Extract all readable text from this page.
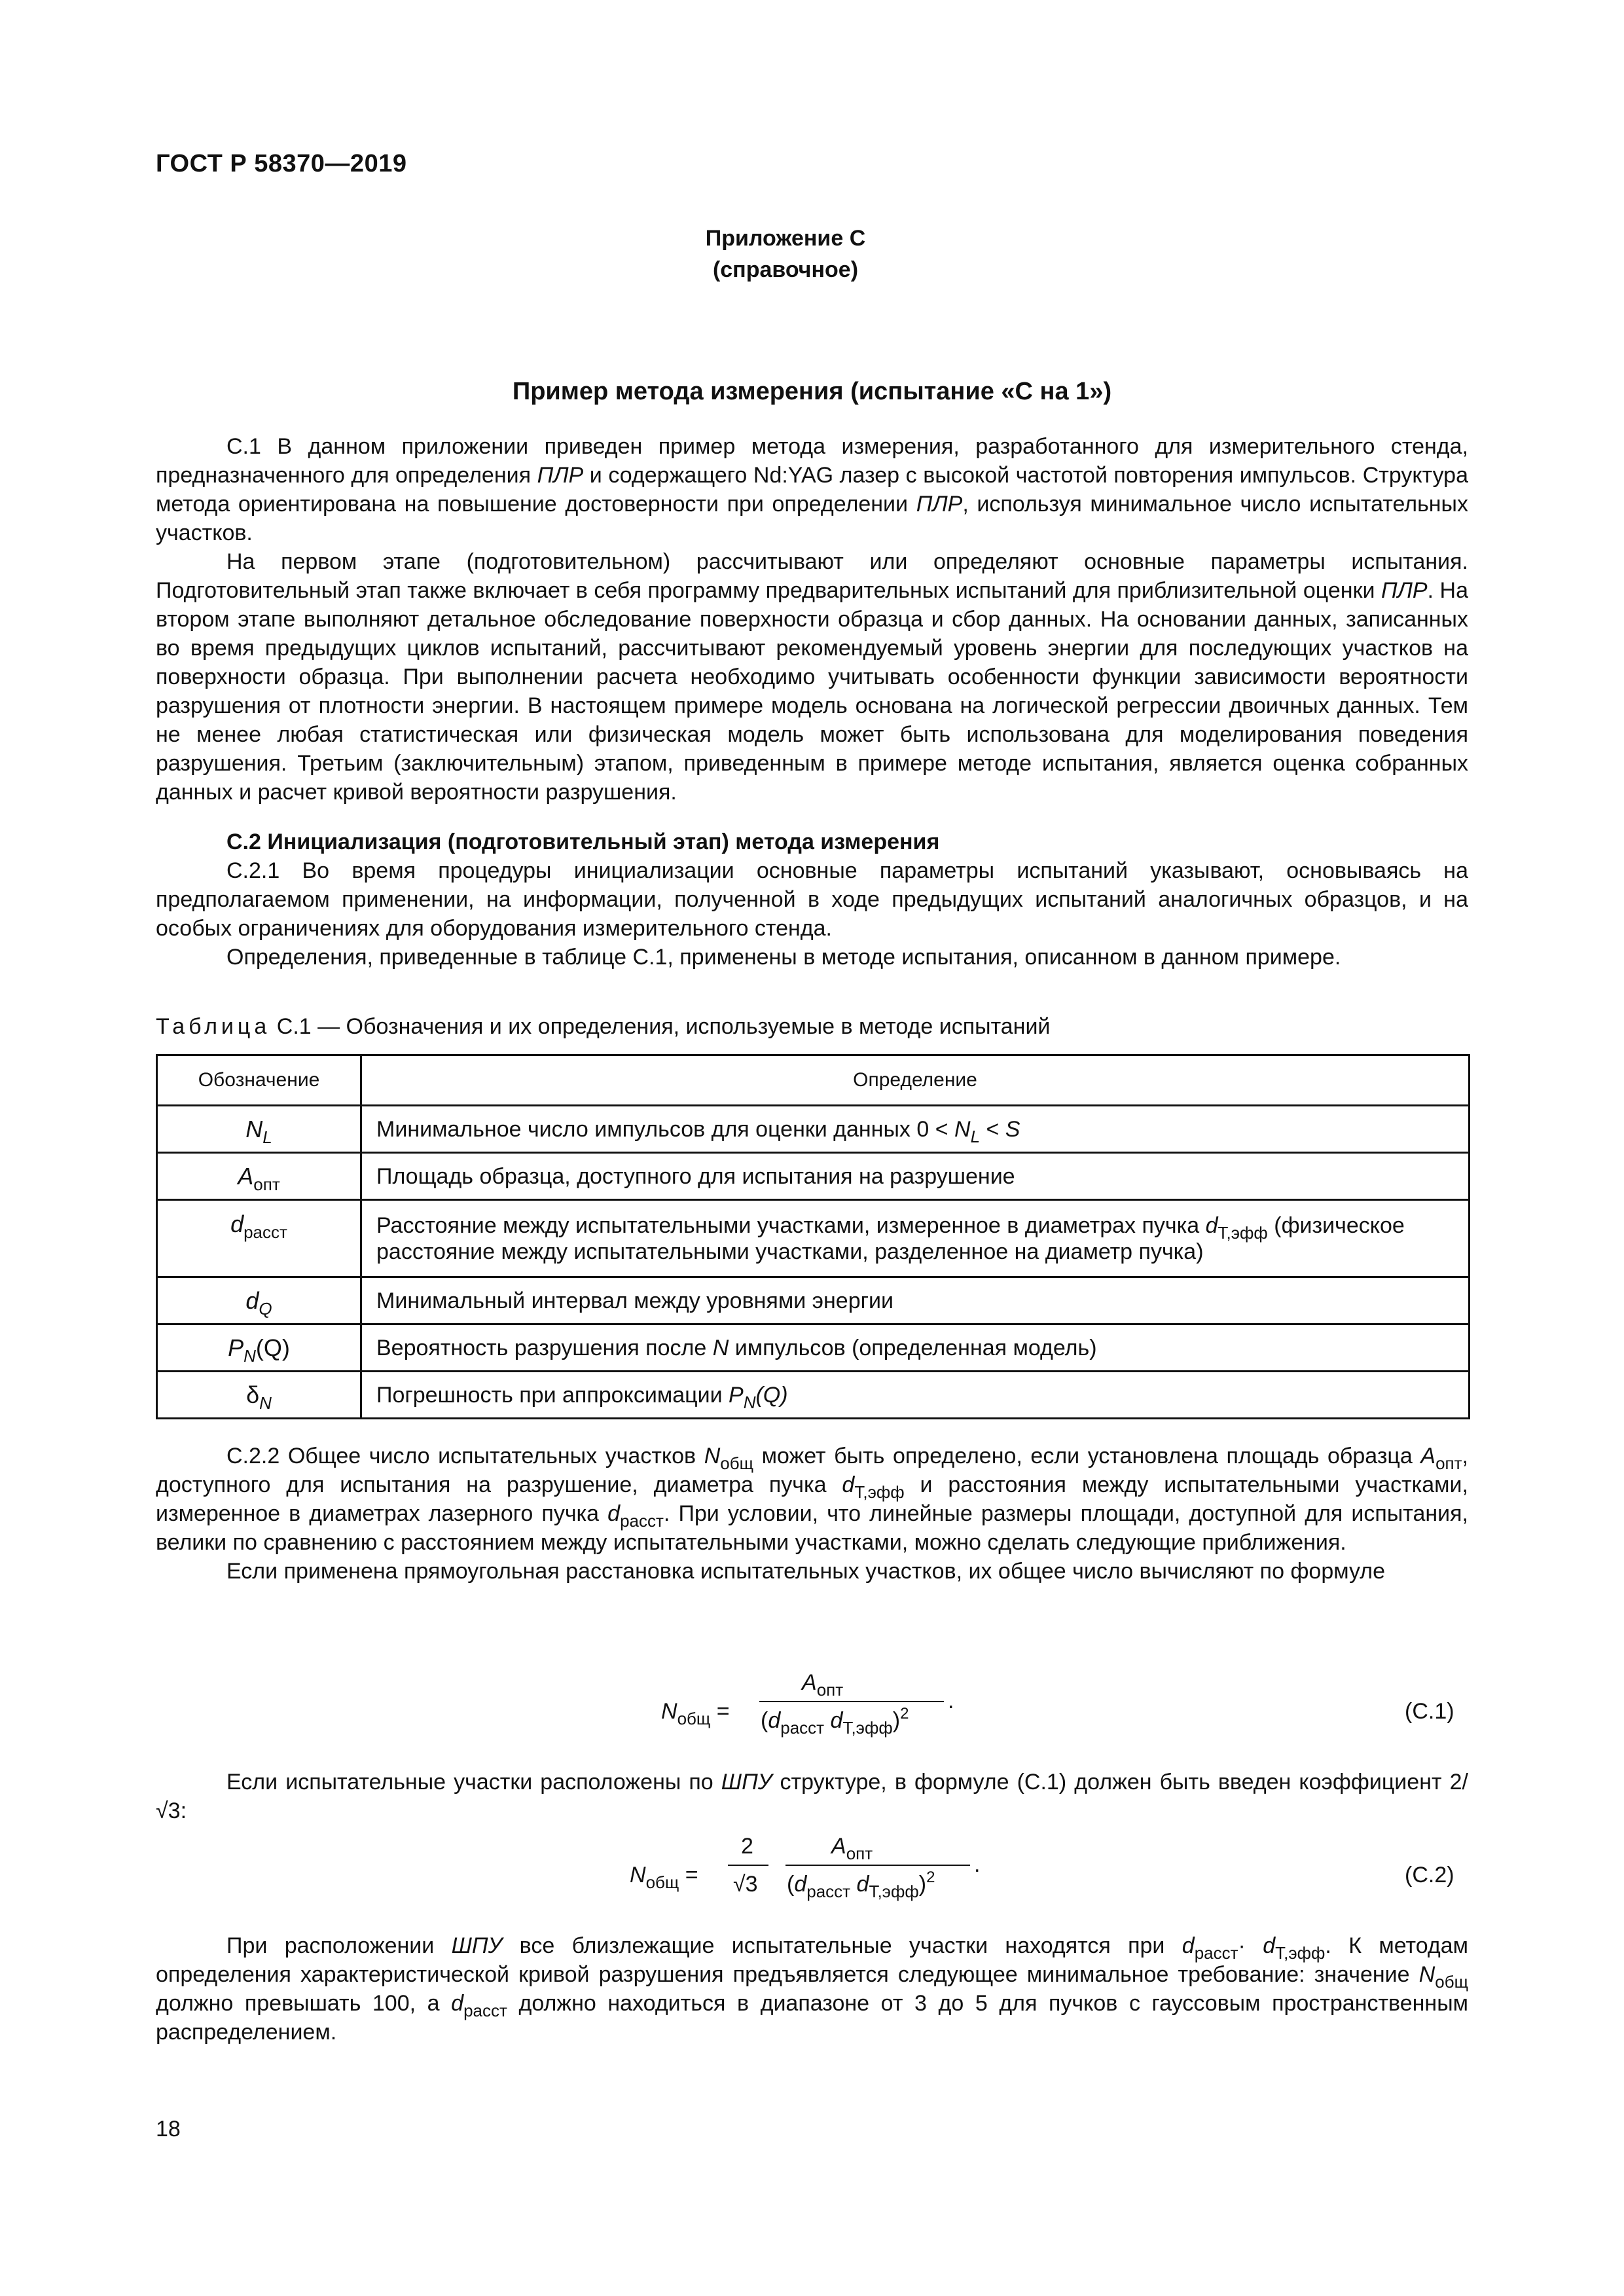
ГОСТ Р 58370—2019
Приложение С
(справочное)
Пример метода измерения (испытание «С на 1»)

С.1 В данном приложении приведен пример метода измерения, разработанного для измерительного стенда, предназначенного для определения ПЛР и содержащего Nd:YAG лазер с высокой частотой повторения импульсов. Структура метода ориентирована на повышение достоверности при определении ПЛР, используя минимальное число испытательных участков.

На первом этапе (подготовительном) рассчитывают или определяют основные параметры испытания. Подготовительный этап также включает в себя программу предварительных испытаний для приблизительной оценки ПЛР. На втором этапе выполняют детальное обследование поверхности образца и сбор данных. На основании данных, записанных во время предыдущих циклов испытаний, рассчитывают рекомендуемый уровень энергии для последующих участков на поверхности образца. При выполнении расчета необходимо учитывать особенности функции зависимости вероятности разрушения от плотности энергии. В настоящем примере модель основана на логической регрессии двоичных данных. Тем не менее любая статистическая или физическая модель может быть использована для моделирования поведения разрушения. Третьим (заключительным) этапом, приведенным в примере методе испытания, является оценка собранных данных и расчет кривой вероятности разрушения.

С.2 Инициализация (подготовительный этап) метода измерения

С.2.1 Во время процедуры инициализации основные параметры испытаний указывают, основываясь на предполагаемом применении, на информации, полученной в ходе предыдущих испытаний аналогичных образцов, и на особых ограничениях для оборудования измерительного стенда.

Определения, приведенные в таблице С.1, применены в методе испытания, описанном в данном примере.

Таблица С.1 — Обозначения и их определения, используемые в методе испытаний
Обозначение	Определение
$N_L$	Минимальное число импульсов для оценки данных $0 < N_L < S$
$A_{опт}$	Площадь образца, доступного для испытания на разрушение
$d_{расст}$	Расстояние между испытательными участками, измеренное в диаметрах пучка $d_{Т,эфф}$ (физическое расстояние между испытательными участками, разделенное на диаметр пучка)
$d_Q$	Минимальный интервал между уровнями энергии
$P_N(Q)$	Вероятность разрушения после N импульсов (определенная модель)
$\delta_N$	Погрешность при аппроксимации $P_N(Q)$

С.2.2 Общее число испытательных участков $N_{общ}$ может быть определено, если установлена площадь образца $A_{опт}$, доступного для испытания на разрушение, диаметра пучка $d_{Т,эфф}$ и расстояния между испытательными участками, измеренное в диаметрах лазерного пучка $d_{расст}$. При условии, что линейные размеры площади, доступной для испытания, велики по сравнению с расстоянием между испытательными участками, можно сделать следующие приближения.

Если применена прямоугольная расстановка испытательных участков, их общее число вычисляют по формуле

$N_{общ}$ =
$A_{опт}$
($d_{расст}$ $d_{Т,эфф})^2$
.	(С.1)

Если испытательные участки расположены по ШПУ структуре, в формуле (С.1) должен быть введен коэффициент 2/√3:

$N_{общ}$ =
2
√3
$A_{опт}$
($d_{расст}$ $d_{Т,эфф})^2$
.	(С.2)

При расположении ШПУ все близлежащие испытательные участки находятся при $d_{расст}\cdot d_{Т,эфф}$. К методам определения характеристической кривой разрушения предъявляется следующее минимальное требование: значение $N_{общ}$ должно превышать 100, а $d_{расст}$ должно находиться в диапазоне от 3 до 5 для пучков с гауссовым пространственным распределением.

18
